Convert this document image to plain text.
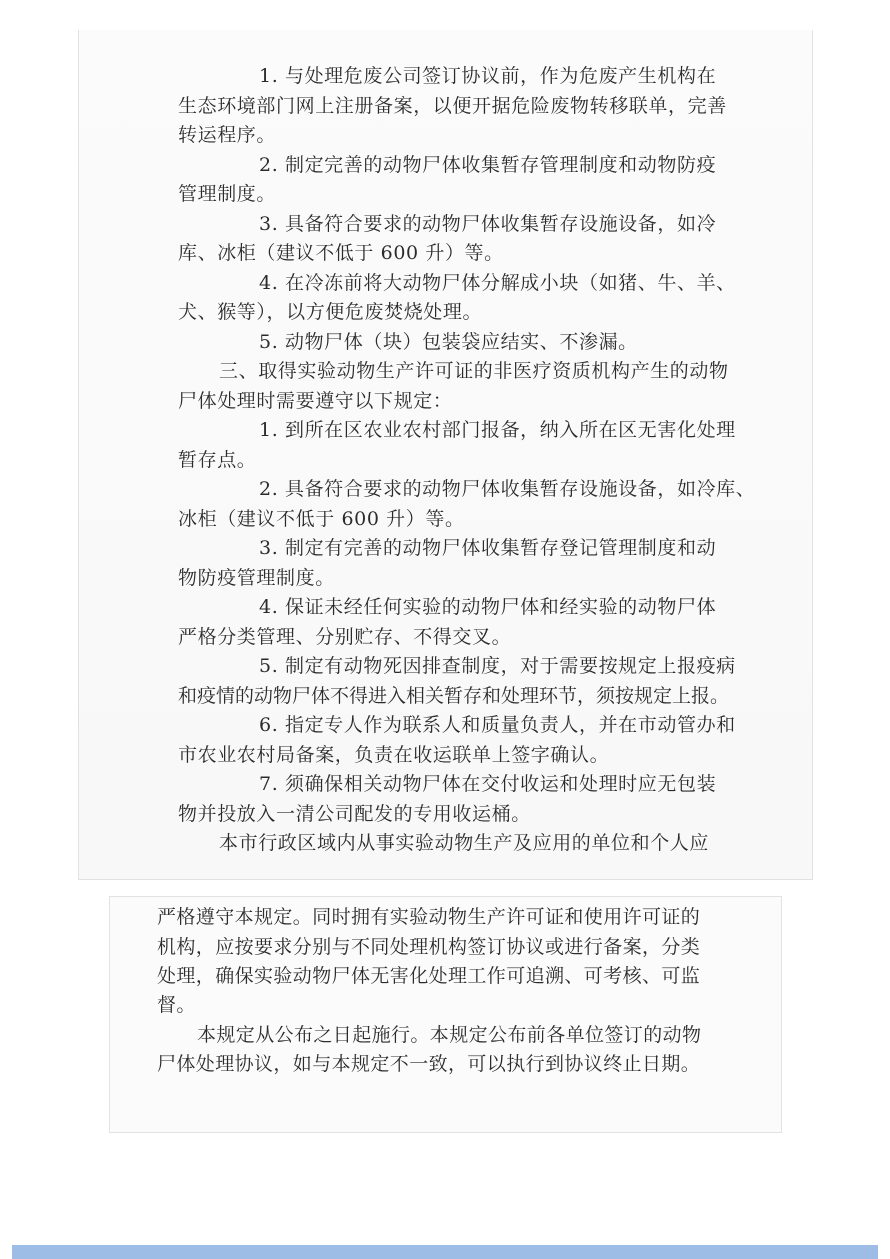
1. 与处理危废公司签订协议前，作为危废产生机构在
生态环境部门网上注册备案，以便开据危险废物转移联单，完善
转运程序。
2. 制定完善的动物尸体收集暂存管理制度和动物防疫
管理制度。
3. 具备符合要求的动物尸体收集暂存设施设备，如冷
库、冰柜（建议不低于 600 升）等。
4. 在冷冻前将大动物尸体分解成小块（如猪、牛、羊、
犬、猴等），以方便危废焚烧处理。
5. 动物尸体（块）包装袋应结实、不渗漏。
三、取得实验动物生产许可证的非医疗资质机构产生的动物
尸体处理时需要遵守以下规定：
1. 到所在区农业农村部门报备，纳入所在区无害化处理
暂存点。
2. 具备符合要求的动物尸体收集暂存设施设备，如冷库、
冰柜（建议不低于 600 升）等。
3. 制定有完善的动物尸体收集暂存登记管理制度和动
物防疫管理制度。
4. 保证未经任何实验的动物尸体和经实验的动物尸体
严格分类管理、分别贮存、不得交叉。
5. 制定有动物死因排查制度，对于需要按规定上报疫病
和疫情的动物尸体不得进入相关暂存和处理环节，须按规定上报。
6. 指定专人作为联系人和质量负责人，并在市动管办和
市农业农村局备案，负责在收运联单上签字确认。
7. 须确保相关动物尸体在交付收运和处理时应无包装
物并投放入一清公司配发的专用收运桶。
本市行政区域内从事实验动物生产及应用的单位和个人应
严格遵守本规定。同时拥有实验动物生产许可证和使用许可证的
机构，应按要求分别与不同处理机构签订协议或进行备案，分类
处理，确保实验动物尸体无害化处理工作可追溯、可考核、可监
督。
本规定从公布之日起施行。本规定公布前各单位签订的动物
尸体处理协议，如与本规定不一致，可以执行到协议终止日期。
